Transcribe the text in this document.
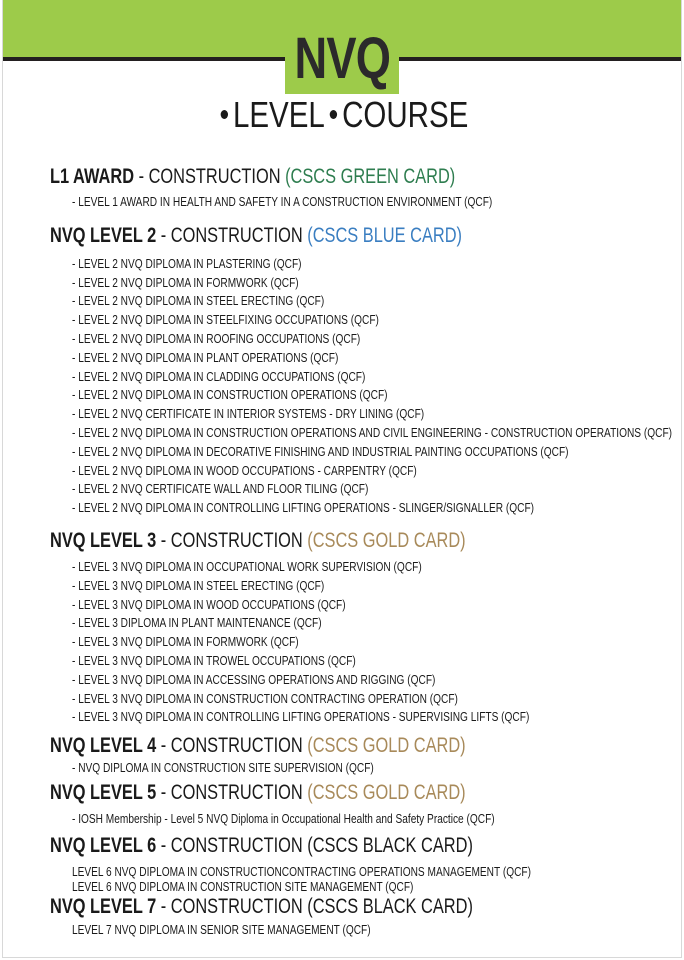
NVQ
LEVEL COURSE
L1 AWARD - CONSTRUCTION (CSCS GREEN CARD)
- LEVEL 1 AWARD IN HEALTH AND SAFETY IN A CONSTRUCTION ENVIRONMENT (QCF)
NVQ LEVEL 2 - CONSTRUCTION (CSCS BLUE CARD)
- LEVEL 2 NVQ DIPLOMA IN PLASTERING (QCF)
- LEVEL 2 NVQ DIPLOMA IN FORMWORK (QCF)
- LEVEL 2 NVQ DIPLOMA IN STEEL ERECTING (QCF)
- LEVEL 2 NVQ DIPLOMA IN STEELFIXING OCCUPATIONS (QCF)
- LEVEL 2 NVQ DIPLOMA IN ROOFING OCCUPATIONS (QCF)
- LEVEL 2 NVQ DIPLOMA IN PLANT OPERATIONS (QCF)
- LEVEL 2 NVQ DIPLOMA IN CLADDING OCCUPATIONS (QCF)
- LEVEL 2 NVQ DIPLOMA IN CONSTRUCTION OPERATIONS (QCF)
- LEVEL 2 NVQ CERTIFICATE IN INTERIOR SYSTEMS - DRY LINING (QCF)
- LEVEL 2 NVQ DIPLOMA IN CONSTRUCTION OPERATIONS AND CIVIL ENGINEERING - CONSTRUCTION OPERATIONS (QCF)
- LEVEL 2 NVQ DIPLOMA IN DECORATIVE FINISHING AND INDUSTRIAL PAINTING OCCUPATIONS (QCF)
- LEVEL 2 NVQ DIPLOMA IN WOOD OCCUPATIONS - CARPENTRY (QCF)
- LEVEL 2 NVQ CERTIFICATE WALL AND FLOOR TILING (QCF)
- LEVEL 2 NVQ DIPLOMA IN CONTROLLING LIFTING OPERATIONS - SLINGER/SIGNALLER (QCF)
NVQ LEVEL 3 - CONSTRUCTION (CSCS GOLD CARD)
- LEVEL 3 NVQ DIPLOMA IN OCCUPATIONAL WORK SUPERVISION (QCF)
- LEVEL 3 NVQ DIPLOMA IN STEEL ERECTING (QCF)
- LEVEL 3 NVQ DIPLOMA IN WOOD OCCUPATIONS (QCF)
- LEVEL 3 DIPLOMA IN PLANT MAINTENANCE (QCF)
- LEVEL 3 NVQ DIPLOMA IN FORMWORK (QCF)
- LEVEL 3 NVQ DIPLOMA IN TROWEL OCCUPATIONS (QCF)
- LEVEL 3 NVQ DIPLOMA IN ACCESSING OPERATIONS AND RIGGING (QCF)
- LEVEL 3 NVQ DIPLOMA IN CONSTRUCTION CONTRACTING OPERATION (QCF)
- LEVEL 3 NVQ DIPLOMA IN CONTROLLING LIFTING OPERATIONS - SUPERVISING LIFTS (QCF)
NVQ LEVEL 4 - CONSTRUCTION (CSCS GOLD CARD)
- NVQ DIPLOMA IN CONSTRUCTION SITE SUPERVISION (QCF)
NVQ LEVEL 5 - CONSTRUCTION (CSCS GOLD CARD)
- IOSH Membership - Level 5 NVQ Diploma in Occupational Health and Safety Practice (QCF)
NVQ LEVEL 6 - CONSTRUCTION (CSCS BLACK CARD)
LEVEL 6 NVQ DIPLOMA IN CONSTRUCTIONCONTRACTING OPERATIONS MANAGEMENT (QCF)
LEVEL 6 NVQ DIPLOMA IN CONSTRUCTION SITE MANAGEMENT (QCF)
NVQ LEVEL 7 - CONSTRUCTION (CSCS BLACK CARD)
LEVEL 7 NVQ DIPLOMA IN SENIOR SITE MANAGEMENT (QCF)
